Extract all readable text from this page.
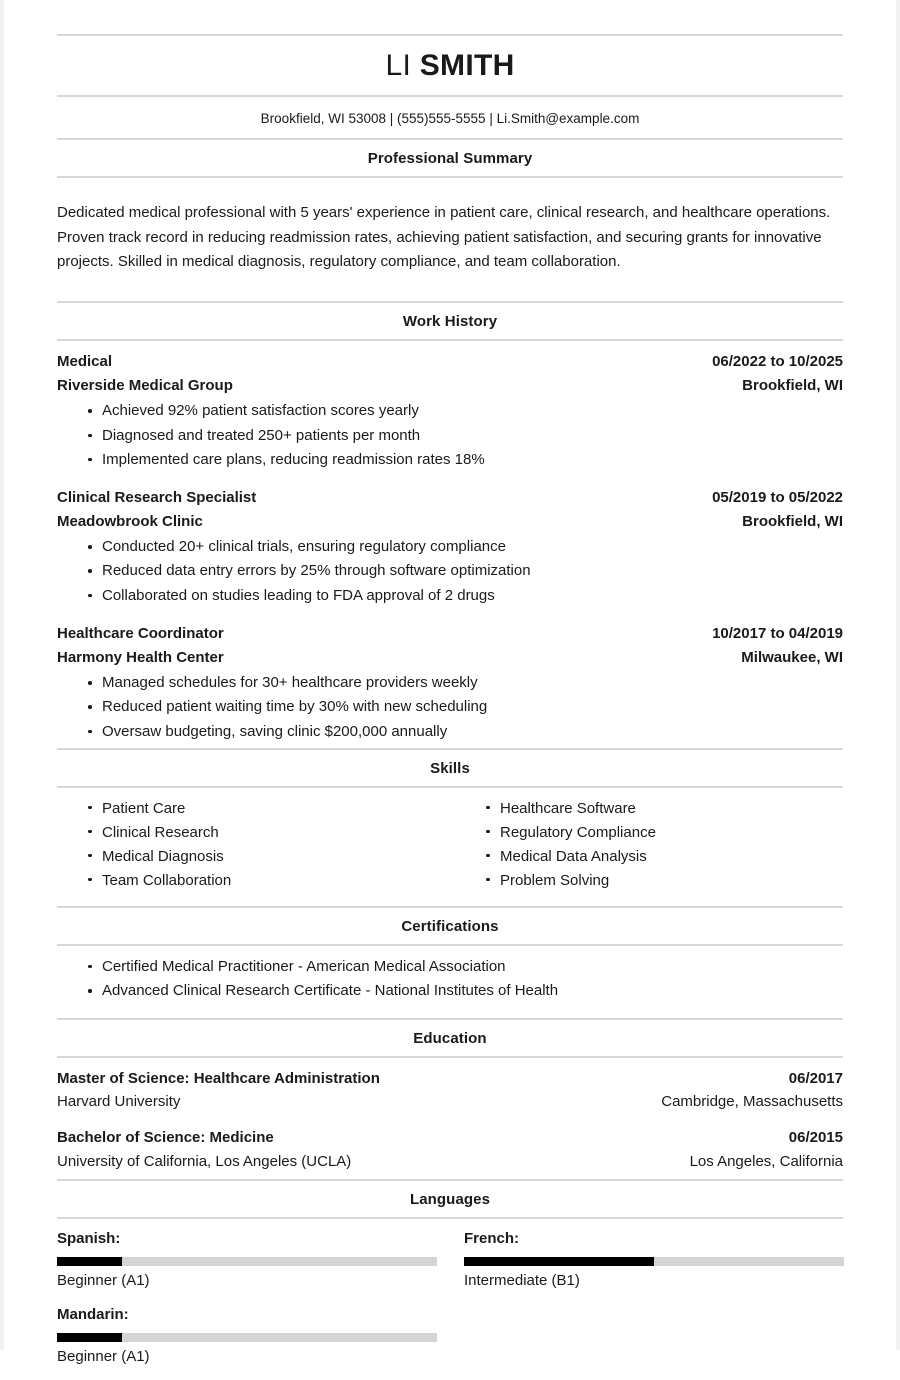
LI SMITH
Brookfield, WI 53008 | (555)555-5555 | Li.Smith@example.com
Professional Summary

Dedicated medical professional with 5 years' experience in patient care, clinical research, and healthcare operations. Proven track record in reducing readmission rates, achieving patient satisfaction, and securing grants for innovative projects. Skilled in medical diagnosis, regulatory compliance, and team collaboration.

Work History
Medical	06/2022 to 10/2025
Riverside Medical Group	Brookfield, WI
Achieved 92% patient satisfaction scores yearly
Diagnosed and treated 250+ patients per month
Implemented care plans, reducing readmission rates 18%
Clinical Research Specialist	05/2019 to 05/2022
Meadowbrook Clinic	Brookfield, WI
Conducted 20+ clinical trials, ensuring regulatory compliance
Reduced data entry errors by 25% through software optimization
Collaborated on studies leading to FDA approval of 2 drugs
Healthcare Coordinator	10/2017 to 04/2019
Harmony Health Center	Milwaukee, WI
Managed schedules for 30+ healthcare providers weekly
Reduced patient waiting time by 30% with new scheduling
Oversaw budgeting, saving clinic $200,000 annually
Skills
Patient Care
Clinical Research
Medical Diagnosis
Team Collaboration
Healthcare Software
Regulatory Compliance
Medical Data Analysis
Problem Solving
Certifications
Certified Medical Practitioner - American Medical Association
Advanced Clinical Research Certificate - National Institutes of Health
Education
Master of Science: Healthcare Administration	06/2017
Harvard University	Cambridge, Massachusetts
Bachelor of Science: Medicine	06/2015
University of California, Los Angeles (UCLA)	Los Angeles, California
Languages
Spanish:
Beginner (A1)
French:
Intermediate (B1)
Mandarin:
Beginner (A1)
